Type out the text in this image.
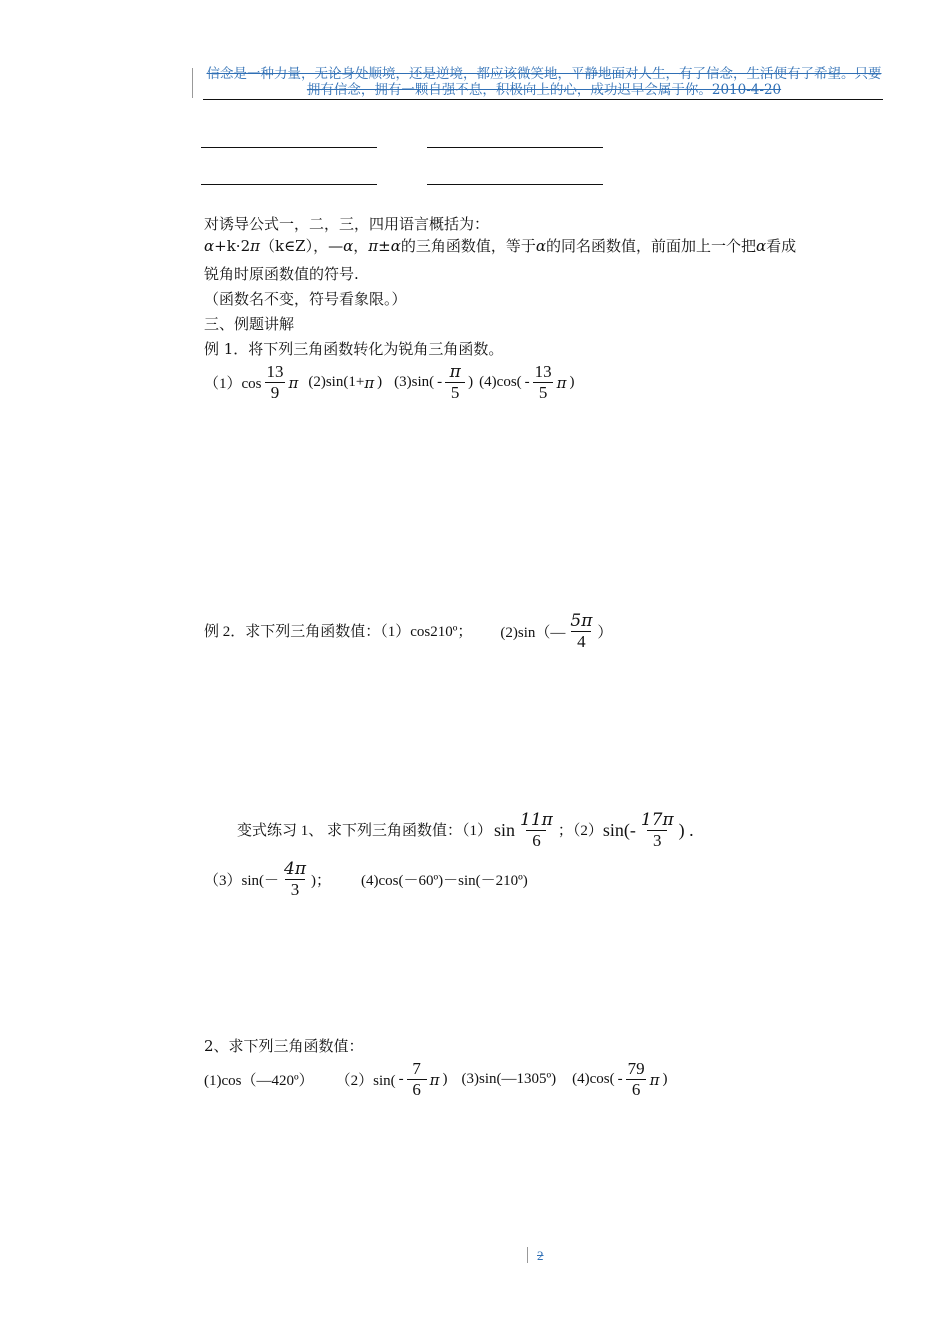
信念是一种力量，无论身处顺境，还是逆境，都应该微笑地，平静地面对人生，有了信念，生活便有了希望。只要拥有信念，拥有一颗自强不息，积极向上的心，成功迟早会属于你。2010-4-20
对诱导公式一，二，三，四用语言概括为：
α+k·2π（k∈Z），—α，π±α的三角函数值，等于α的同名函数值，前面加上一个把α看成
锐角时原函数值的符号.
（函数名不变，符号看象限。）
三、例题讲解
例 1．将下列三角函数转化为锐角三角函数。
$(1)\cos \frac{13}{9}$ π (2)sin(1+ π ) $(3)\sin( - \frac{\pi}{5}$ ) $(4)\cos( - \frac{13}{5}$ π )
例 2．求下列三角函数值：（1）cos210º； (2)sin（— $\frac{5\pi}{4}$ ）
变式练习 1、 求下列三角函数值：（1） $\sin \frac{11\pi}{6}$ ；（2） $\sin(- \frac{17\pi}{3}$ ) .
$(3)\sin(- \frac{4\pi}{3}$ )； (4)cos(－60º)－sin(－210º)
2、求下列三角函数值：
(1)cos（—420º） $(2)\sin( - \frac{7}{6}$ π ) (3)sin(—1305º) $(4)\cos( - \frac{79}{6}$ π )
2
